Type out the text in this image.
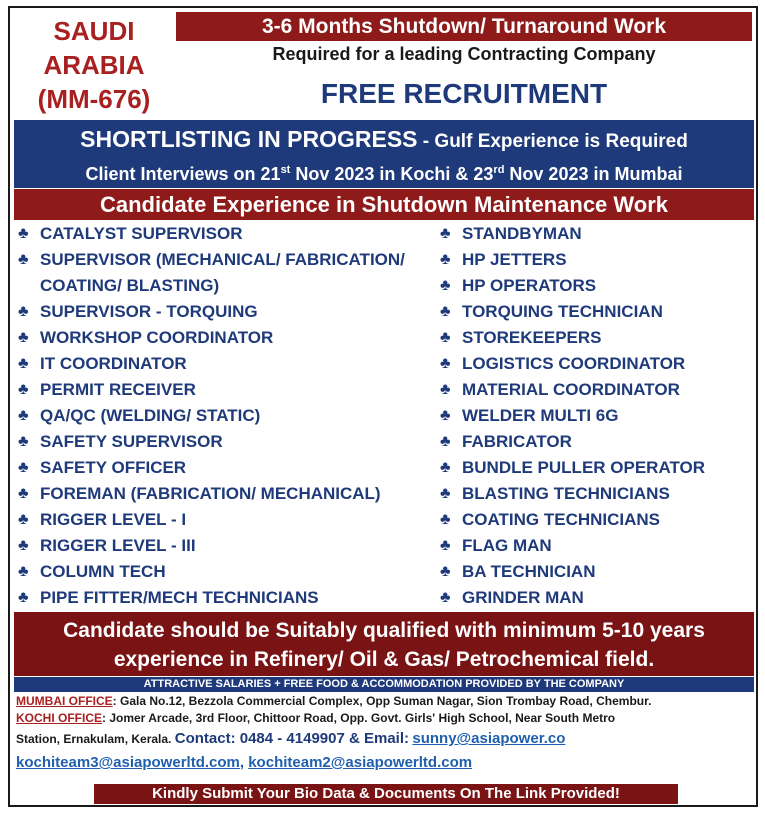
SAUDI
ARABIA
(MM-676)
3-6 Months Shutdown/ Turnaround Work
Required for a leading Contracting Company
FREE RECRUITMENT
SHORTLISTING IN PROGRESS - Gulf Experience is Required
Client Interviews on 21st Nov 2023 in Kochi & 23rd Nov 2023 in Mumbai
Candidate Experience in Shutdown Maintenance Work
♣ CATALYST SUPERVISOR
♣ SUPERVISOR (MECHANICAL/ FABRICATION/ COATING/ BLASTING)
♣ SUPERVISOR - TORQUING
♣ WORKSHOP COORDINATOR
♣ IT COORDINATOR
♣ PERMIT RECEIVER
♣ QA/QC (WELDING/ STATIC)
♣ SAFETY SUPERVISOR
♣ SAFETY OFFICER
♣ FOREMAN (FABRICATION/ MECHANICAL)
♣ RIGGER LEVEL - I
♣ RIGGER LEVEL - III
♣ COLUMN TECH
♣ PIPE FITTER/MECH TECHNICIANS
♣ STANDBYMAN
♣ HP JETTERS
♣ HP OPERATORS
♣ TORQUING TECHNICIAN
♣ STOREKEEPERS
♣ LOGISTICS COORDINATOR
♣ MATERIAL COORDINATOR
♣ WELDER MULTI 6G
♣ FABRICATOR
♣ BUNDLE PULLER OPERATOR
♣ BLASTING TECHNICIANS
♣ COATING TECHNICIANS
♣ FLAG MAN
♣ BA TECHNICIAN
♣ GRINDER MAN
Candidate should be Suitably qualified with minimum 5-10 years experience in Refinery/ Oil & Gas/ Petrochemical field.
ATTRACTIVE SALARIES + FREE FOOD & ACCOMMODATION PROVIDED BY THE COMPANY
MUMBAI OFFICE: Gala No.12, Bezzola Commercial Complex, Opp Suman Nagar, Sion Trombay Road, Chembur.
KOCHI OFFICE: Jomer Arcade, 3rd Floor, Chittoor Road, Opp. Govt. Girls' High School, Near South Metro
Station, Ernakulam, Kerala. Contact: 0484 - 4149907 & Email: sunny@asiapower.co
kochiteam3@asiapowerltd.com, kochiteam2@asiapowerltd.com
Kindly Submit Your Bio Data & Documents On The Link Provided!
